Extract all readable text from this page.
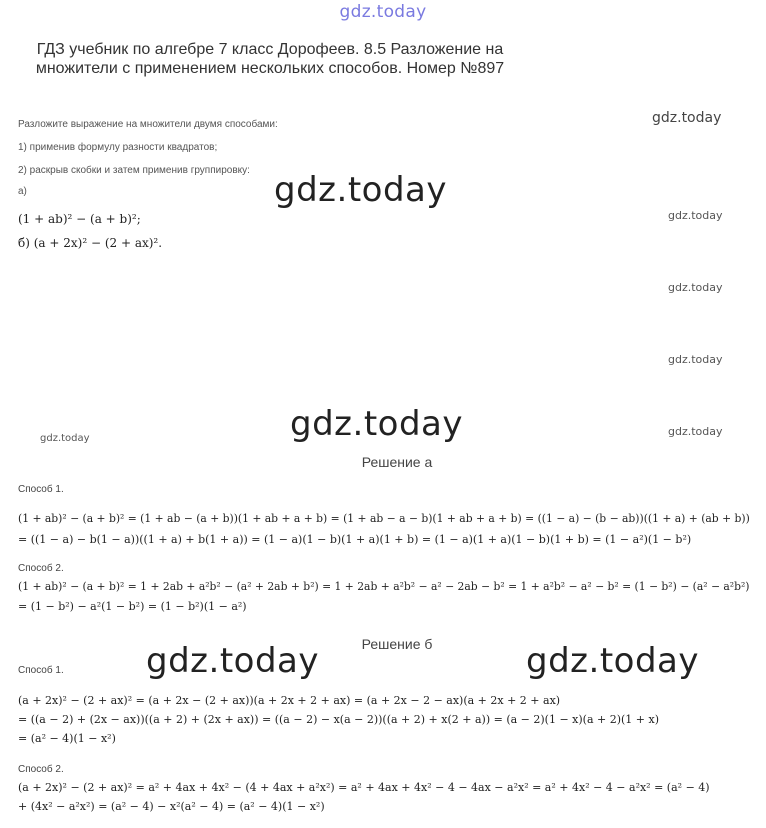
gdz.today
ГДЗ учебник по алгебре 7 класс Дорофеев. 8.5 Разложение на множители с применением нескольких способов. Номер №897
Разложите выражение на множители двумя способами:
1) применив формулу разности квадратов;
2) раскрыв скобки и затем применив группировку:
а)
(1 + ab)² − (a + b)²;
б) (a + 2x)² − (2 + ax)².
Решение а
Способ 1.
(1 + ab)² − (a + b)² = (1 + ab − (a + b))(1 + ab + a + b) = (1 + ab − a − b)(1 + ab + a + b) = ((1 − a) − (b − ab))((1 + a) + (ab + b))
= ((1 − a) − b(1 − a))((1 + a) + b(1 + a)) = (1 − a)(1 − b)(1 + a)(1 + b) = (1 − a)(1 + a)(1 − b)(1 + b) = (1 − a²)(1 − b²)
Способ 2.
(1 + ab)² − (a + b)² = 1 + 2ab + a²b² − (a² + 2ab + b²) = 1 + 2ab + a²b² − a² − 2ab − b² = 1 + a²b² − a² − b² = (1 − b²) − (a² − a²b²)
= (1 − b²) − a²(1 − b²) = (1 − b²)(1 − a²)
Решение б
Способ 1.
(a + 2x)² − (2 + ax)² = (a + 2x − (2 + ax))(a + 2x + 2 + ax) = (a + 2x − 2 − ax)(a + 2x + 2 + ax)
= ((a − 2) + (2x − ax))((a + 2) + (2x + ax)) = ((a − 2) − x(a − 2))((a + 2) + x(2 + a)) = (a − 2)(1 − x)(a + 2)(1 + x)
= (a² − 4)(1 − x²)
Способ 2.
(a + 2x)² − (2 + ax)² = a² + 4ax + 4x² − (4 + 4ax + a²x²) = a² + 4ax + 4x² − 4 − 4ax − a²x² = a² + 4x² − 4 − a²x² = (a² − 4)
+ (4x² − a²x²) = (a² − 4) − x²(a² − 4) = (a² − 4)(1 − x²)
gdz.today
gdz.today
gdz.today	gdz.today
gdz.today
gdz.today
gdz.today
gdz.today
gdz.today
gdz.today
